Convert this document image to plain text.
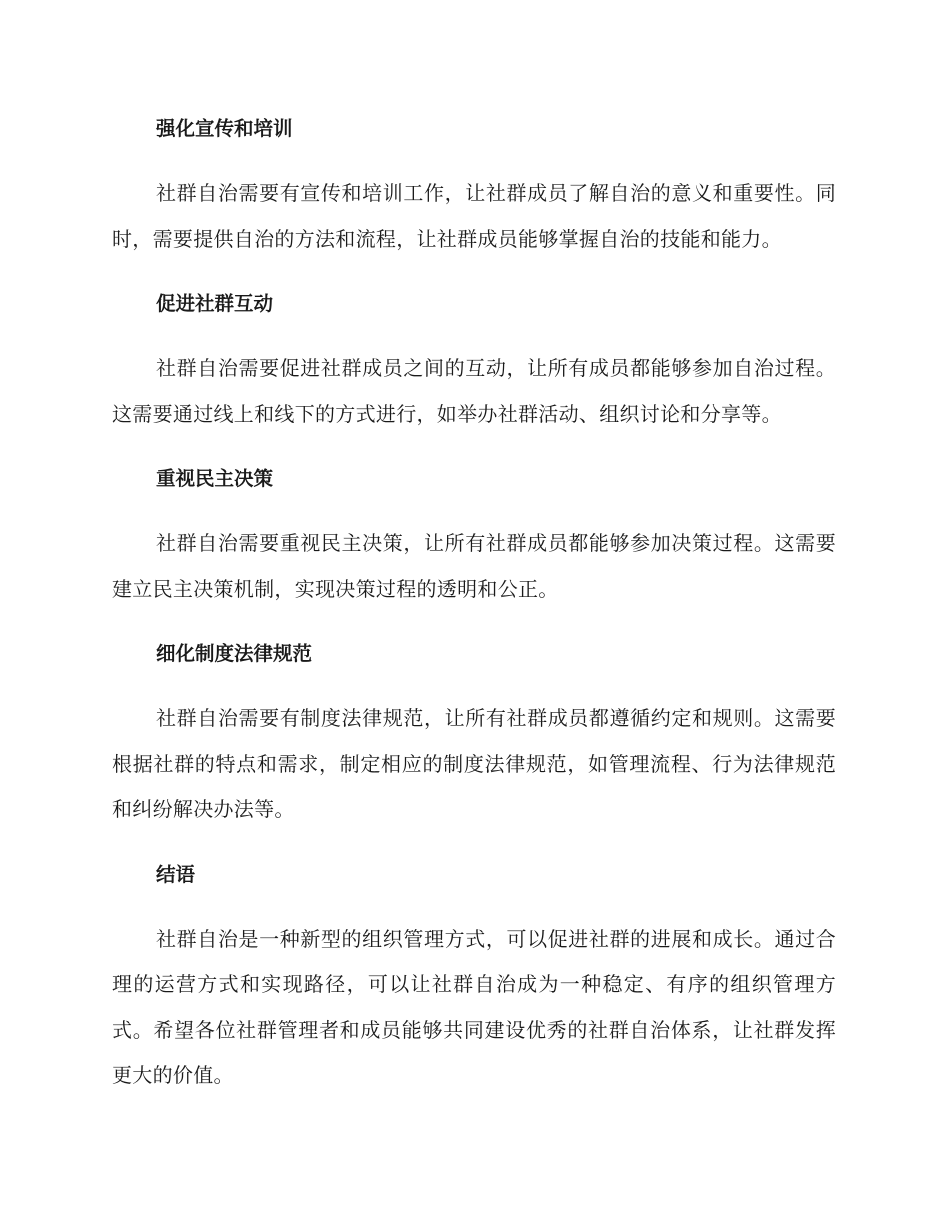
强化宣传和培训

社群自治需要有宣传和培训工作，让社群成员了解自治的意义和重要性。同时，需要提供自治的方法和流程，让社群成员能够掌握自治的技能和能力。

促进社群互动

社群自治需要促进社群成员之间的互动，让所有成员都能够参加自治过程。这需要通过线上和线下的方式进行，如举办社群活动、组织讨论和分享等。

重视民主决策

社群自治需要重视民主决策，让所有社群成员都能够参加决策过程。这需要建立民主决策机制，实现决策过程的透明和公正。

细化制度法律规范

社群自治需要有制度法律规范，让所有社群成员都遵循约定和规则。这需要根据社群的特点和需求，制定相应的制度法律规范，如管理流程、行为法律规范和纠纷解决办法等。

结语

社群自治是一种新型的组织管理方式，可以促进社群的进展和成长。通过合理的运营方式和实现路径，可以让社群自治成为一种稳定、有序的组织管理方式。希望各位社群管理者和成员能够共同建设优秀的社群自治体系，让社群发挥更大的价值。
